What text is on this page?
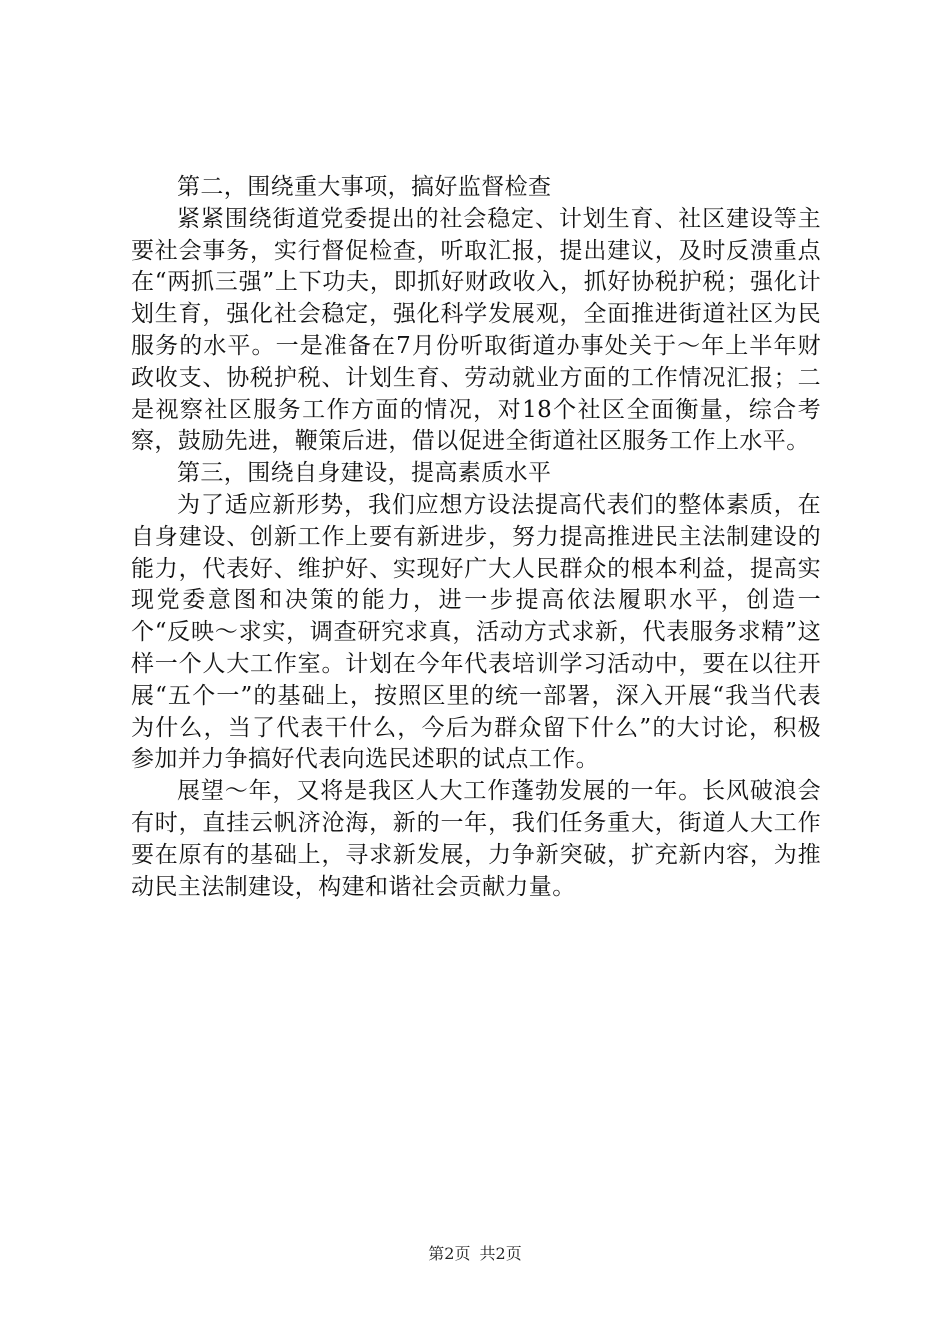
第二，围绕重大事项，搞好监督检查

紧紧围绕街道党委提出的社会稳定、计划生育、社区建设等主要社会事务，实行督促检查，听取汇报，提出建议，及时反溃重点在“两抓三强”上下功夫，即抓好财政收入，抓好协税护税；强化计划生育，强化社会稳定，强化科学发展观，全面推进街道社区为民服务的水平。一是准备在7月份听取街道办事处关于～年上半年财政收支、协税护税、计划生育、劳动就业方面的工作情况汇报；二是视察社区服务工作方面的情况，对18个社区全面衡量，综合考察，鼓励先进，鞭策后进，借以促进全街道社区服务工作上水平。

第三，围绕自身建设，提高素质水平

为了适应新形势，我们应想方设法提高代表们的整体素质，在自身建设、创新工作上要有新进步，努力提高推进民主法制建设的能力，代表好、维护好、实现好广大人民群众的根本利益，提高实现党委意图和决策的能力，进一步提高依法履职水平，创造一个“反映～求实，调查研究求真，活动方式求新，代表服务求精”这样一个人大工作室。计划在今年代表培训学习活动中，要在以往开展“五个一”的基础上，按照区里的统一部署，深入开展“我当代表为什么，当了代表干什么，今后为群众留下什么”的大讨论，积极参加并力争搞好代表向选民述职的试点工作。

展望～年，又将是我区人大工作蓬勃发展的一年。长风破浪会有时，直挂云帆济沧海，新的一年，我们任务重大，街道人大工作要在原有的基础上，寻求新发展，力争新突破，扩充新内容，为推动民主法制建设，构建和谐社会贡献力量。

第2页 共2页
